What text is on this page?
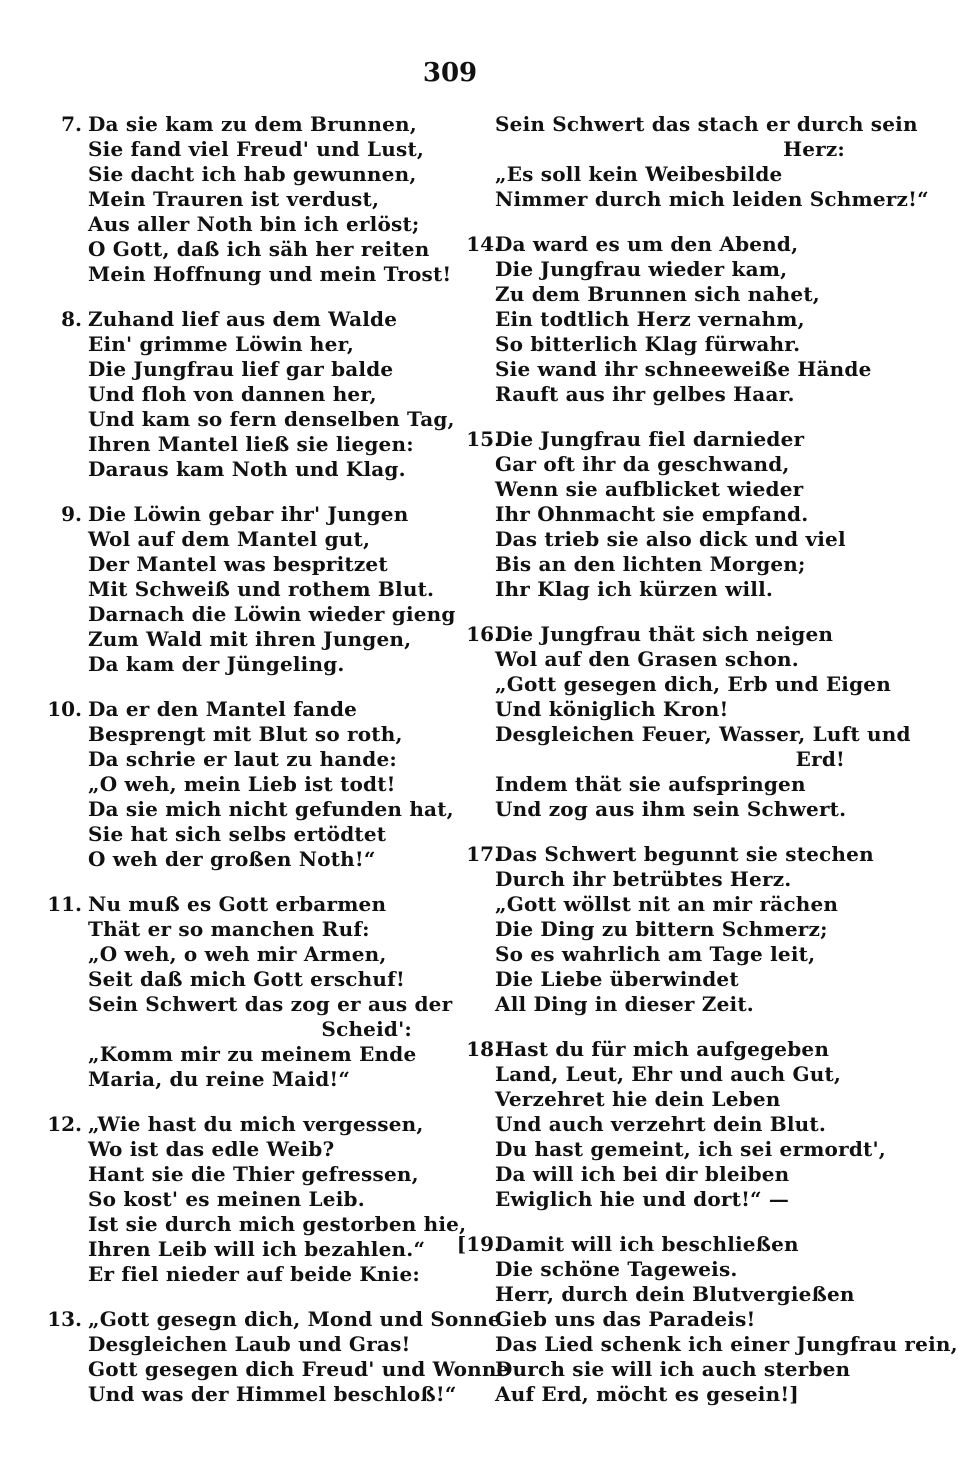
309
7. Da sie kam zu dem Brunnen,
Sie fand viel Freud' und Lust,
Sie dacht ich hab gewunnen,
Mein Trauren ist verdust,
Aus aller Noth bin ich erlöst;
O Gott, daß ich säh her reiten
Mein Hoffnung und mein Trost!
8. Zuhand lief aus dem Walde
Ein' grimme Löwin her,
Die Jungfrau lief gar balde
Und floh von dannen her,
Und kam so fern denselben Tag,
Ihren Mantel ließ sie liegen:
Daraus kam Noth und Klag.
9. Die Löwin gebar ihr' Jungen
Wol auf dem Mantel gut,
Der Mantel was bespritzet
Mit Schweiß und rothem Blut.
Darnach die Löwin wieder gieng
Zum Wald mit ihren Jungen,
Da kam der Jüngeling.
10. Da er den Mantel fande
Besprengt mit Blut so roth,
Da schrie er laut zu hande:
„O weh, mein Lieb ist todt!
Da sie mich nicht gefunden hat,
Sie hat sich selbs ertödtet
O weh der großen Noth!“
11. Nu muß es Gott erbarmen
Thät er so manchen Ruf:
„O weh, o weh mir Armen,
Seit daß mich Gott erschuf!
Sein Schwert das zog er aus der
Scheid':
„Komm mir zu meinem Ende
Maria, du reine Maid!“
12. „Wie hast du mich vergessen,
Wo ist das edle Weib?
Hant sie die Thier gefressen,
So kost' es meinen Leib.
Ist sie durch mich gestorben hie,
Ihren Leib will ich bezahlen.“
Er fiel nieder auf beide Knie:
13. „Gott gesegn dich, Mond und Sonne
Desgleichen Laub und Gras!
Gott gesegen dich Freud' und Wonne
Und was der Himmel beschloß!“
Sein Schwert das stach er durch sein
Herz:
„Es soll kein Weibesbilde
Nimmer durch mich leiden Schmerz!“
14.
Da ward es um den Abend,
Die Jungfrau wieder kam,
Zu dem Brunnen sich nahet,
Ein todtlich Herz vernahm,
So bitterlich Klag fürwahr.
Sie wand ihr schneeweiße Hände
Rauft aus ihr gelbes Haar.
15.
Die Jungfrau fiel darnieder
Gar oft ihr da geschwand,
Wenn sie aufblicket wieder
Ihr Ohnmacht sie empfand.
Das trieb sie also dick und viel
Bis an den lichten Morgen;
Ihr Klag ich kürzen will.
16.
Die Jungfrau thät sich neigen
Wol auf den Grasen schon.
„Gott gesegen dich, Erb und Eigen
Und königlich Kron!
Desgleichen Feuer, Wasser, Luft und
Erd!
Indem thät sie aufspringen
Und zog aus ihm sein Schwert.
17.
Das Schwert begunnt sie stechen
Durch ihr betrübtes Herz.
„Gott wöllst nit an mir rächen
Die Ding zu bittern Schmerz;
So es wahrlich am Tage leit,
Die Liebe überwindet
All Ding in dieser Zeit.
18.
Hast du für mich aufgegeben
Land, Leut, Ehr und auch Gut,
Verzehret hie dein Leben
Und auch verzehrt dein Blut.
Du hast gemeint, ich sei ermordt',
Da will ich bei dir bleiben
Ewiglich hie und dort!“ —
[19.
Damit will ich beschließen
Die schöne Tageweis.
Herr, durch dein Blutvergießen
Gieb uns das Paradeis!
Das Lied schenk ich einer Jungfrau rein,
Durch sie will ich auch sterben
Auf Erd, möcht es gesein!]
